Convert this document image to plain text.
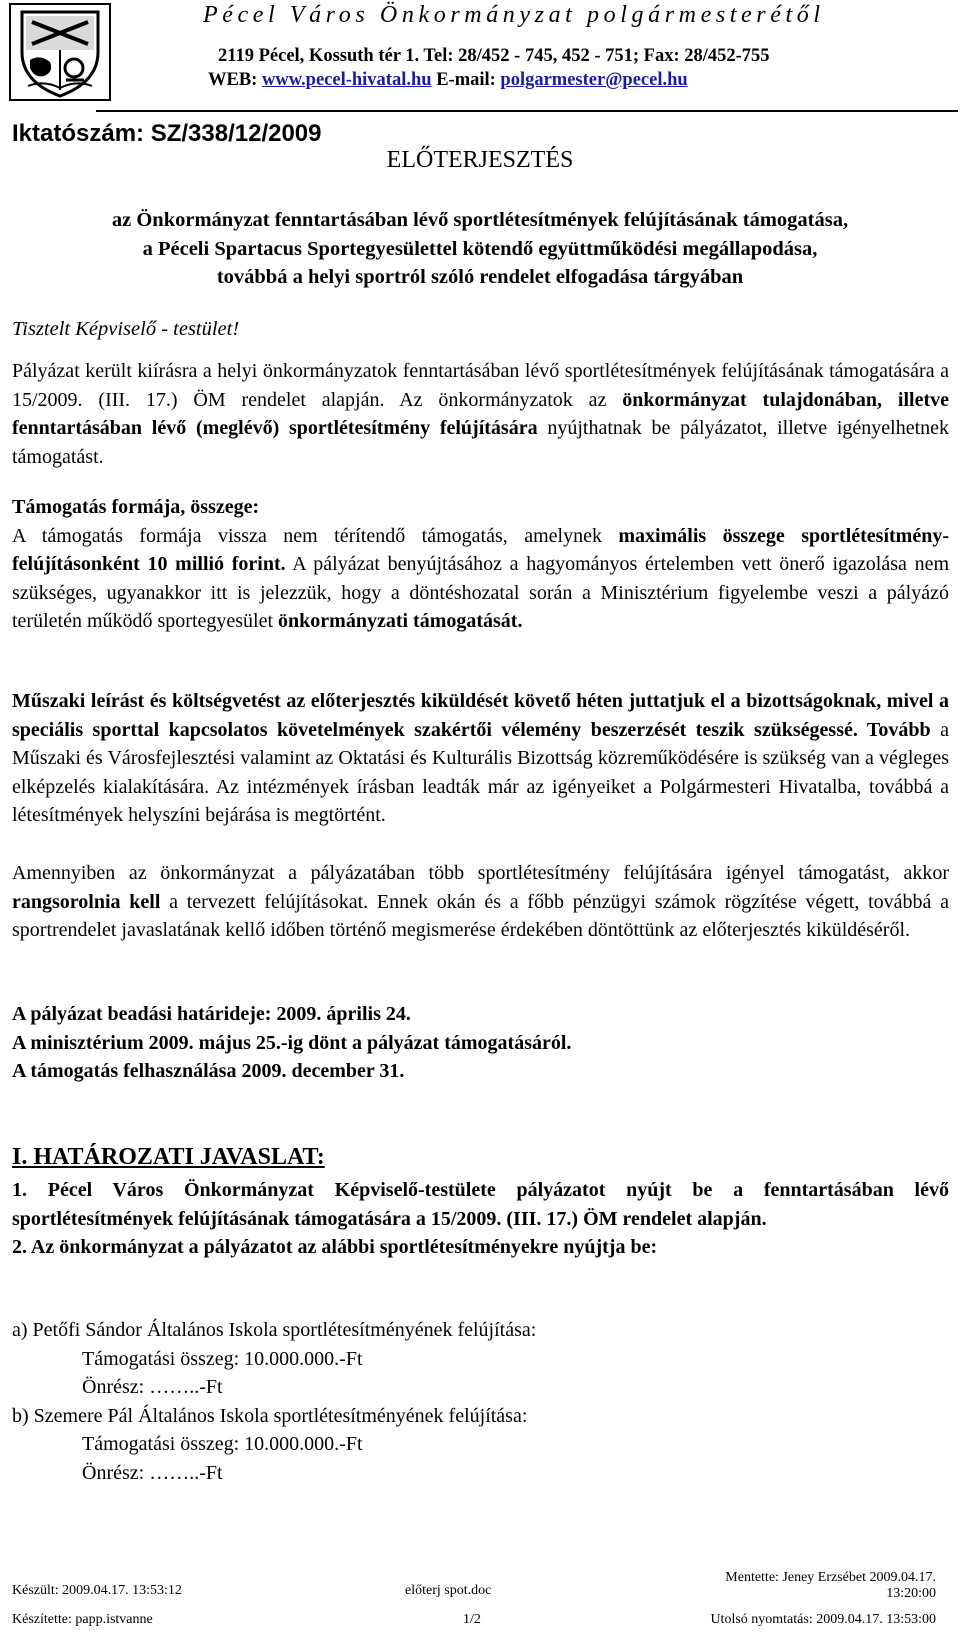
Pécel Város Önkormányzat polgármesterétől
2119 Pécel, Kossuth tér 1. Tel: 28/452 - 745, 452 - 751; Fax: 28/452-755
WEB: www.pecel-hivatal.hu E-mail: polgarmester@pecel.hu
Iktatószám: SZ/338/12/2009
ELŐTERJESZTÉS
az Önkormányzat fenntartásában lévő sportlétesítmények felújításának támogatása,
a Péceli Spartacus Sportegyesülettel kötendő együttműködési megállapodása,
továbbá a helyi sportról szóló rendelet elfogadása tárgyában
Tisztelt Képviselő - testület!

Pályázat került kiírásra a helyi önkormányzatok fenntartásában lévő sportlétesítmények felújításának támogatására a 15/2009. (III. 17.) ÖM rendelet alapján. Az önkormányzatok az önkormányzat tulajdonában, illetve fenntartásában lévő (meglévő) sportlétesítmény felújítására nyújthatnak be pályázatot, illetve igényelhetnek támogatást.

Támogatás formája, összege:

A támogatás formája vissza nem térítendő támogatás, amelynek maximális összege sportlétesítmény-felújításonként 10 millió forint. A pályázat benyújtásához a hagyományos értelemben vett önerő igazolása nem szükséges, ugyanakkor itt is jelezzük, hogy a döntéshozatal során a Minisztérium figyelembe veszi a pályázó területén működő sportegyesület önkormányzati támogatását.

Műszaki leírást és költségvetést az előterjesztés kiküldését követő héten juttatjuk el a bizottságoknak, mivel a speciális sporttal kapcsolatos követelmények szakértői vélemény beszerzését teszik szükségessé. Tovább a Műszaki és Városfejlesztési valamint az Oktatási és Kulturális Bizottság közreműködésére is szükség van a végleges elképzelés kialakítására. Az intézmények írásban leadták már az igényeiket a Polgármesteri Hivatalba, továbbá a létesítmények helyszíni bejárása is megtörtént.

Amennyiben az önkormányzat a pályázatában több sportlétesítmény felújítására igényel támogatást, akkor rangsorolnia kell a tervezett felújításokat. Ennek okán és a főbb pénzügyi számok rögzítése végett, továbbá a sportrendelet javaslatának kellő időben történő megismerése érdekében döntöttünk az előterjesztés kiküldéséről.

A pályázat beadási határideje: 2009. április 24.

A minisztérium 2009. május 25.-ig dönt a pályázat támogatásáról.

A támogatás felhasználása 2009. december 31.

I. HATÁROZATI JAVASLAT:

1. Pécel Város Önkormányzat Képviselő-testülete pályázatot nyújt be a fenntartásában lévő sportlétesítmények felújításának támogatására a 15/2009. (III. 17.) ÖM rendelet alapján.

2. Az önkormányzat a pályázatot az alábbi sportlétesítményekre nyújtja be:

a) Petőfi Sándor Általános Iskola sportlétesítményének felújítása:

Támogatási összeg: 10.000.000.-Ft

Önrész: ……..-Ft

b) Szemere Pál Általános Iskola sportlétesítményének felújítása:

Támogatási összeg: 10.000.000.-Ft

Önrész: ……..-Ft

Készült: 2009.04.17. 13:53:12	előterj spot.doc
Mentette: Jeney Erzsébet 2009.04.17.
13:20:00
Készítette: papp.istvanne	1/2	Utolsó nyomtatás: 2009.04.17. 13:53:00
